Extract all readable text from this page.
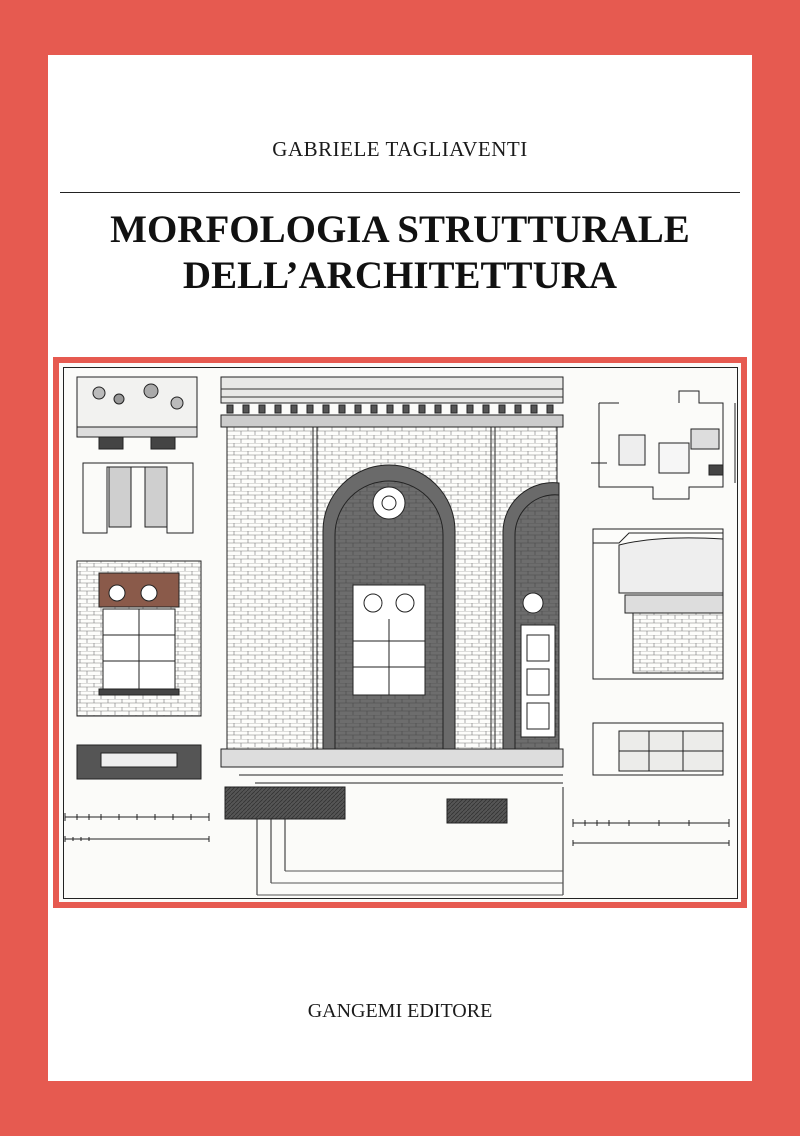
GABRIELE TAGLIAVENTI
MORFOLOGIA STRUTTURALE
DELL’ARCHITETTURA
GANGEMI EDITORE
